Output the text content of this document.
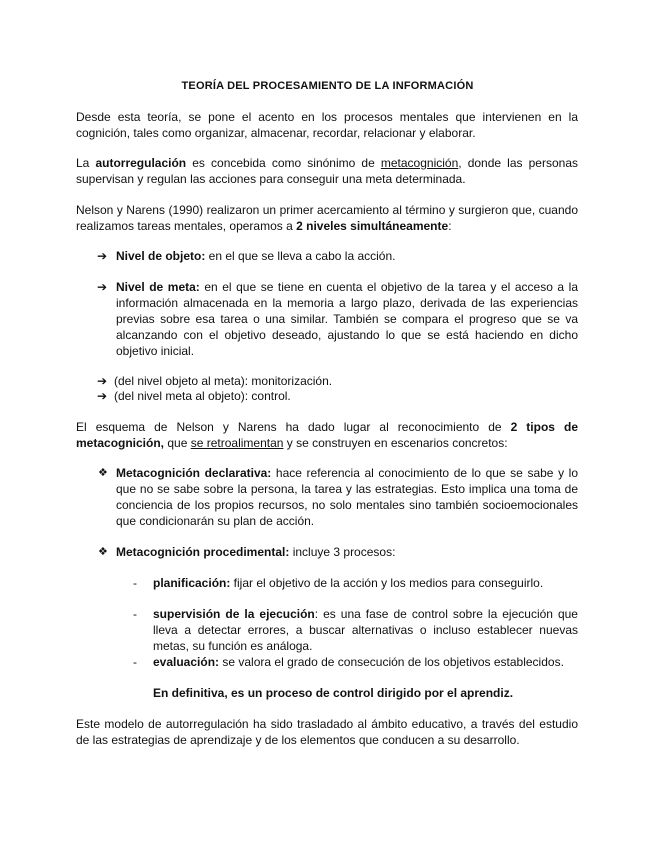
TEORÍA DEL PROCESAMIENTO DE LA INFORMACIÓN
Desde esta teoría, se pone el acento en los procesos mentales que intervienen en la cognición, tales como organizar, almacenar, recordar, relacionar y elaborar.
La autorregulación es concebida como sinónimo de metacognición, donde las personas supervisan y regulan las acciones para conseguir una meta determinada.
Nelson y Narens (1990) realizaron un primer acercamiento al término y surgieron que, cuando realizamos tareas mentales, operamos a 2 niveles simultáneamente:
➔ Nivel de objeto: en el que se lleva a cabo la acción.
➔ Nivel de meta: en el que se tiene en cuenta el objetivo de la tarea y el acceso a la información almacenada en la memoria a largo plazo, derivada de las experiencias previas sobre esa tarea o una similar. También se compara el progreso que se va alcanzando con el objetivo deseado, ajustando lo que se está haciendo en dicho objetivo inicial.
➔ (del nivel objeto al meta): monitorización.
➔ (del nivel meta al objeto): control.
El esquema de Nelson y Narens ha dado lugar al reconocimiento de 2 tipos de metacognición, que se retroalimentan y se construyen en escenarios concretos:
❖ Metacognición declarativa: hace referencia al conocimiento de lo que se sabe y lo que no se sabe sobre la persona, la tarea y las estrategias. Esto implica una toma de conciencia de los propios recursos, no solo mentales sino también socioemocionales que condicionarán su plan de acción.
❖ Metacognición procedimental: incluye 3 procesos:
-	planificación: fijar el objetivo de la acción y los medios para conseguirlo.
-	supervisión de la ejecución: es una fase de control sobre la ejecución que lleva a detectar errores, a buscar alternativas o incluso establecer nuevas metas, su función es análoga.
-	evaluación: se valora el grado de consecución de los objetivos establecidos.
En definitiva, es un proceso de control dirigido por el aprendiz.
Este modelo de autorregulación ha sido trasladado al ámbito educativo, a través del estudio de las estrategias de aprendizaje y de los elementos que conducen a su desarrollo.
